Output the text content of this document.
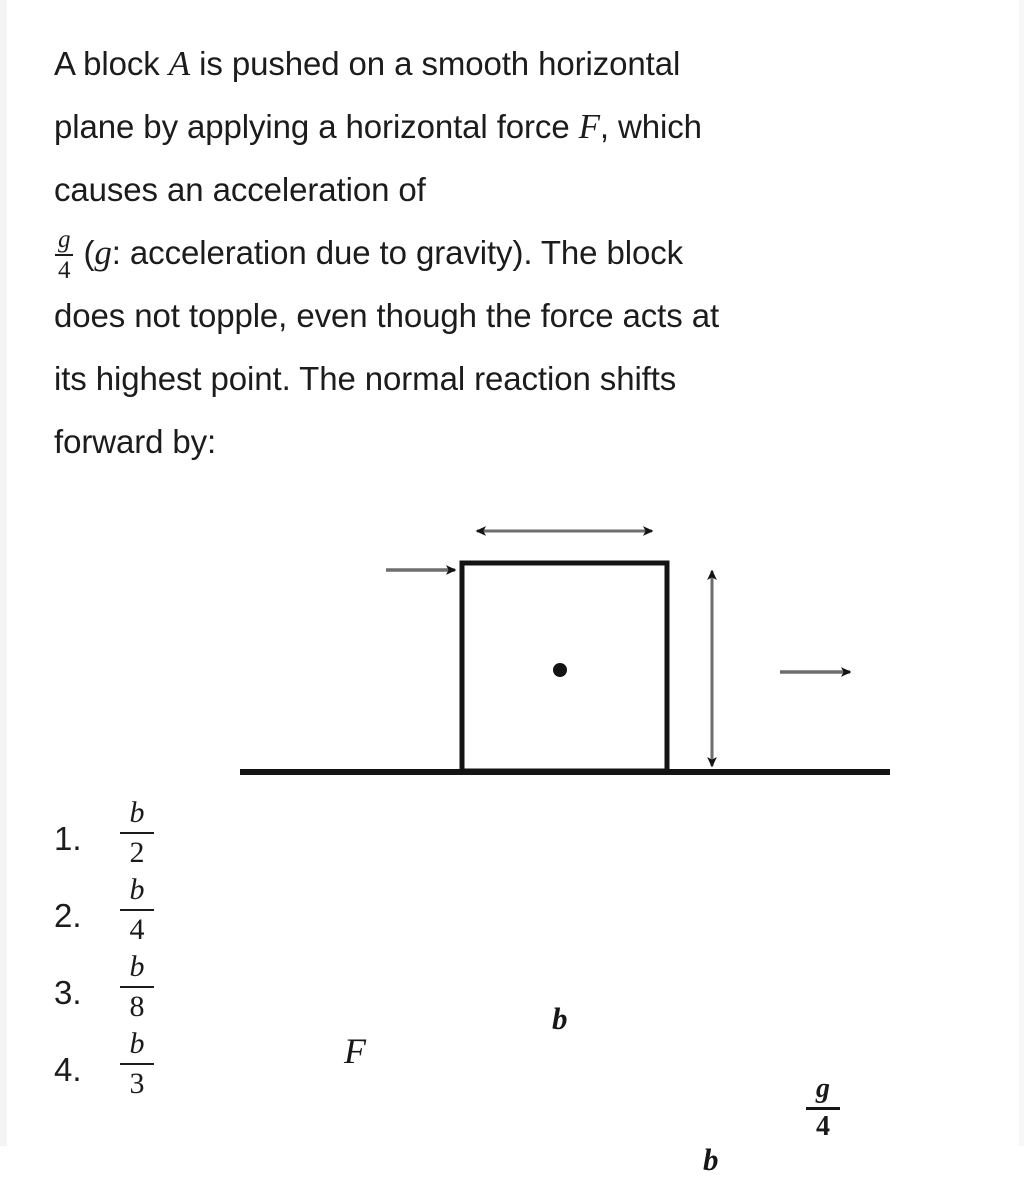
A block A is pushed on a smooth horizontal
plane by applying a horizontal force F, which
causes an acceleration of
$\frac{g}{4} (g$: acceleration due to gravity). The block
does not topple, even though the force acts at
its highest point. The normal reaction shifts
forward by:
F
b
b
g
4
1.
b
2
2.
b
4
3.
b
8
4.
b
3
